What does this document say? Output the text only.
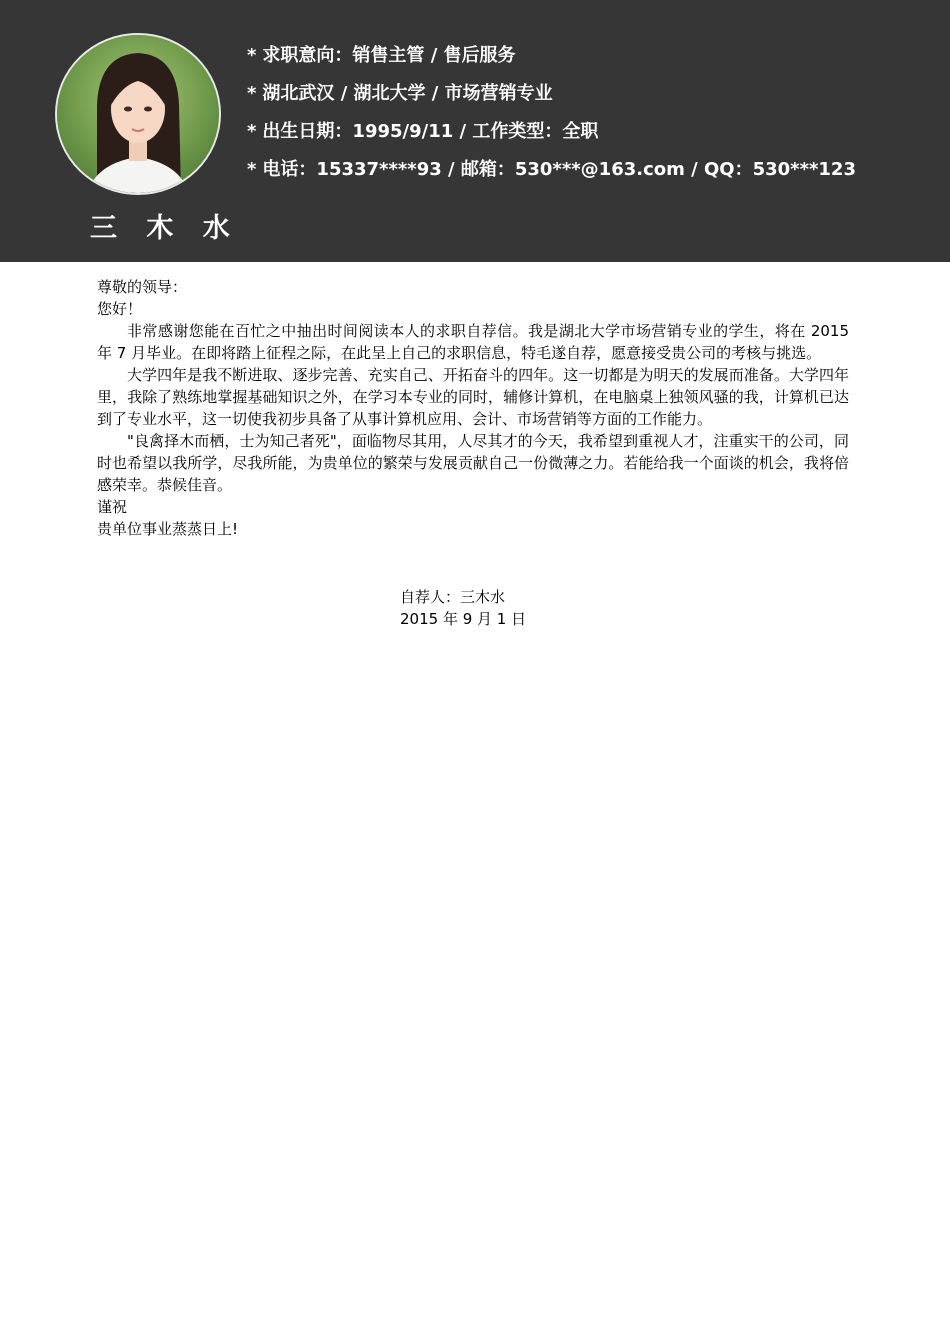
三 木 水
* 求职意向：销售主管 / 售后服务
* 湖北武汉 / 湖北大学 / 市场营销专业
* 出生日期：1995/9/11 / 工作类型：全职
* 电话：15337****93 / 邮箱：530***@163.com / QQ：530***123

尊敬的领导：

您好！

非常感谢您能在百忙之中抽出时间阅读本人的求职自荐信。我是湖北大学市场营销专业的学生，将在 2015 年 7 月毕业。在即将踏上征程之际，在此呈上自己的求职信息，特毛遂自荐，愿意接受贵公司的考核与挑选。

大学四年是我不断进取、逐步完善、充实自己、开拓奋斗的四年。这一切都是为明天的发展而准备。大学四年里，我除了熟练地掌握基础知识之外，在学习本专业的同时，辅修计算机，在电脑桌上独领风骚的我，计算机已达到了专业水平，这一切使我初步具备了从事计算机应用、会计、市场营销等方面的工作能力。

"良禽择木而栖，士为知己者死"，面临物尽其用，人尽其才的今天，我希望到重视人才，注重实干的公司，同时也希望以我所学，尽我所能，为贵单位的繁荣与发展贡献自己一份微薄之力。若能给我一个面谈的机会，我将倍感荣幸。恭候佳音。

谨祝

贵单位事业蒸蒸日上!

自荐人：三木水

2015 年 9 月 1 日
